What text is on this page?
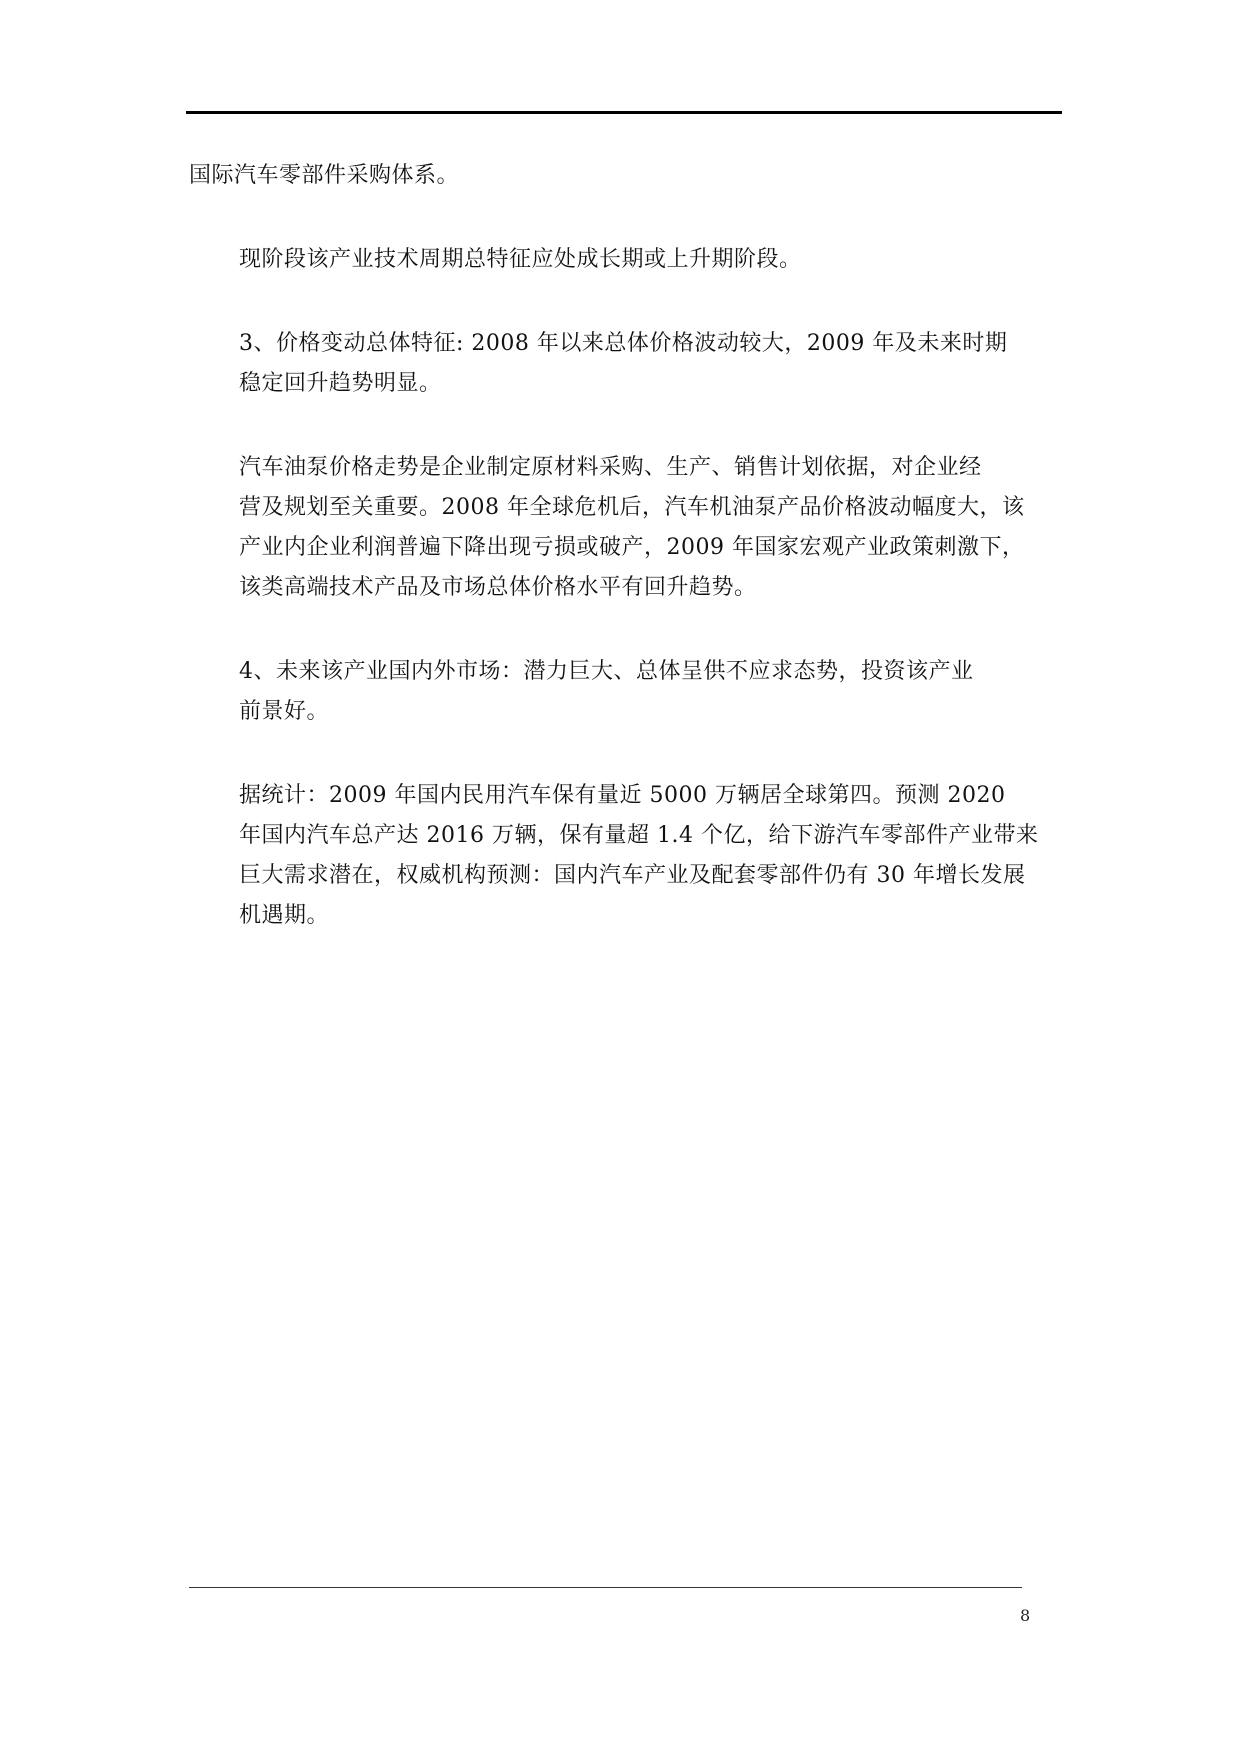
国际汽车零部件采购体系。

现阶段该产业技术周期总特征应处成长期或上升期阶段。

3、价格变动总体特征: 2008 年以来总体价格波动较大，2009 年及未来时期
稳定回升趋势明显。

汽车油泵价格走势是企业制定原材料采购、生产、销售计划依据，对企业经
营及规划至关重要。2008 年全球危机后，汽车机油泵产品价格波动幅度大，该
产业内企业利润普遍下降出现亏损或破产，2009 年国家宏观产业政策刺激下，
该类高端技术产品及市场总体价格水平有回升趋势。

4、未来该产业国内外市场：潜力巨大、总体呈供不应求态势，投资该产业
前景好。

据统计：2009 年国内民用汽车保有量近 5000 万辆居全球第四。预测 2020
年国内汽车总产达 2016 万辆，保有量超 1.4 个亿，给下游汽车零部件产业带来
巨大需求潜在，权威机构预测：国内汽车产业及配套零部件仍有 30 年增长发展
机遇期。

8
